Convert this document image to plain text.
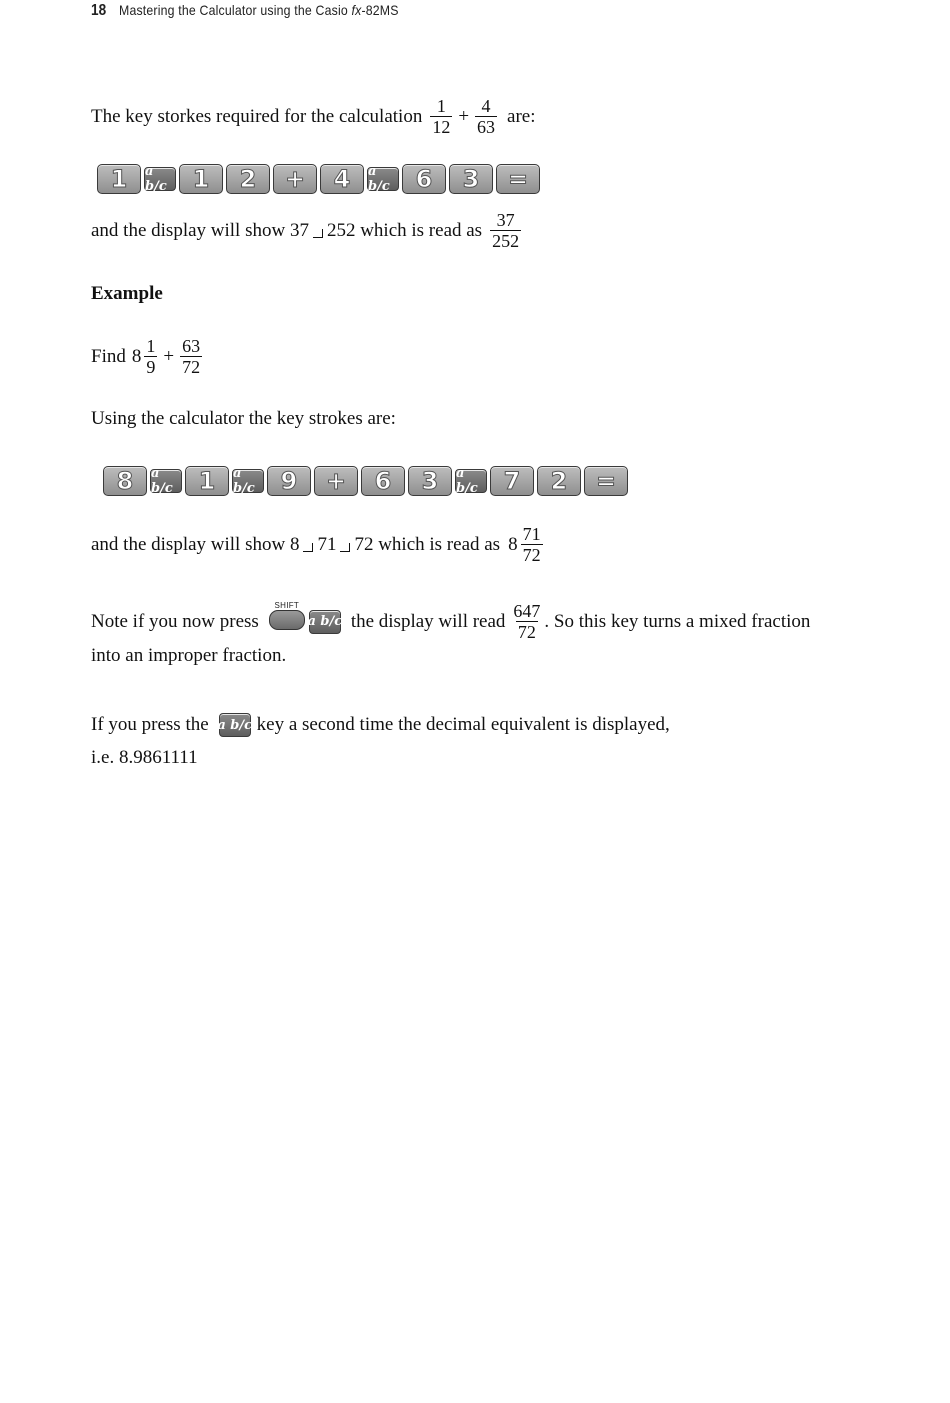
18 Mastering the Calculator using the Casio fx-82MS
The key storkes required for the calculation $\frac{1}{12} + \frac{4}{63}$ are:
1	a b/c	1	2	+	4	a b/c	6	3	=
and the display will show 37 252 which is read as $\frac{37}{252}$
Example
Find $8 \frac{1}{9} + \frac{63}{72}$
Using the calculator the key strokes are:
8	a b/c	1	a b/c	9	+	6	3	a b/c	7	2	=
and the display will show 8 71 72 which is read as $8 \frac{71}{72}$
Note if you now press
SHIFT
a b/c the display will read $\frac{647}{72}$ . So this key turns a mixed fraction
into an improper fraction.
If you press the a b/c key a second time the decimal equivalent is displayed,
i.e. 8.9861111
